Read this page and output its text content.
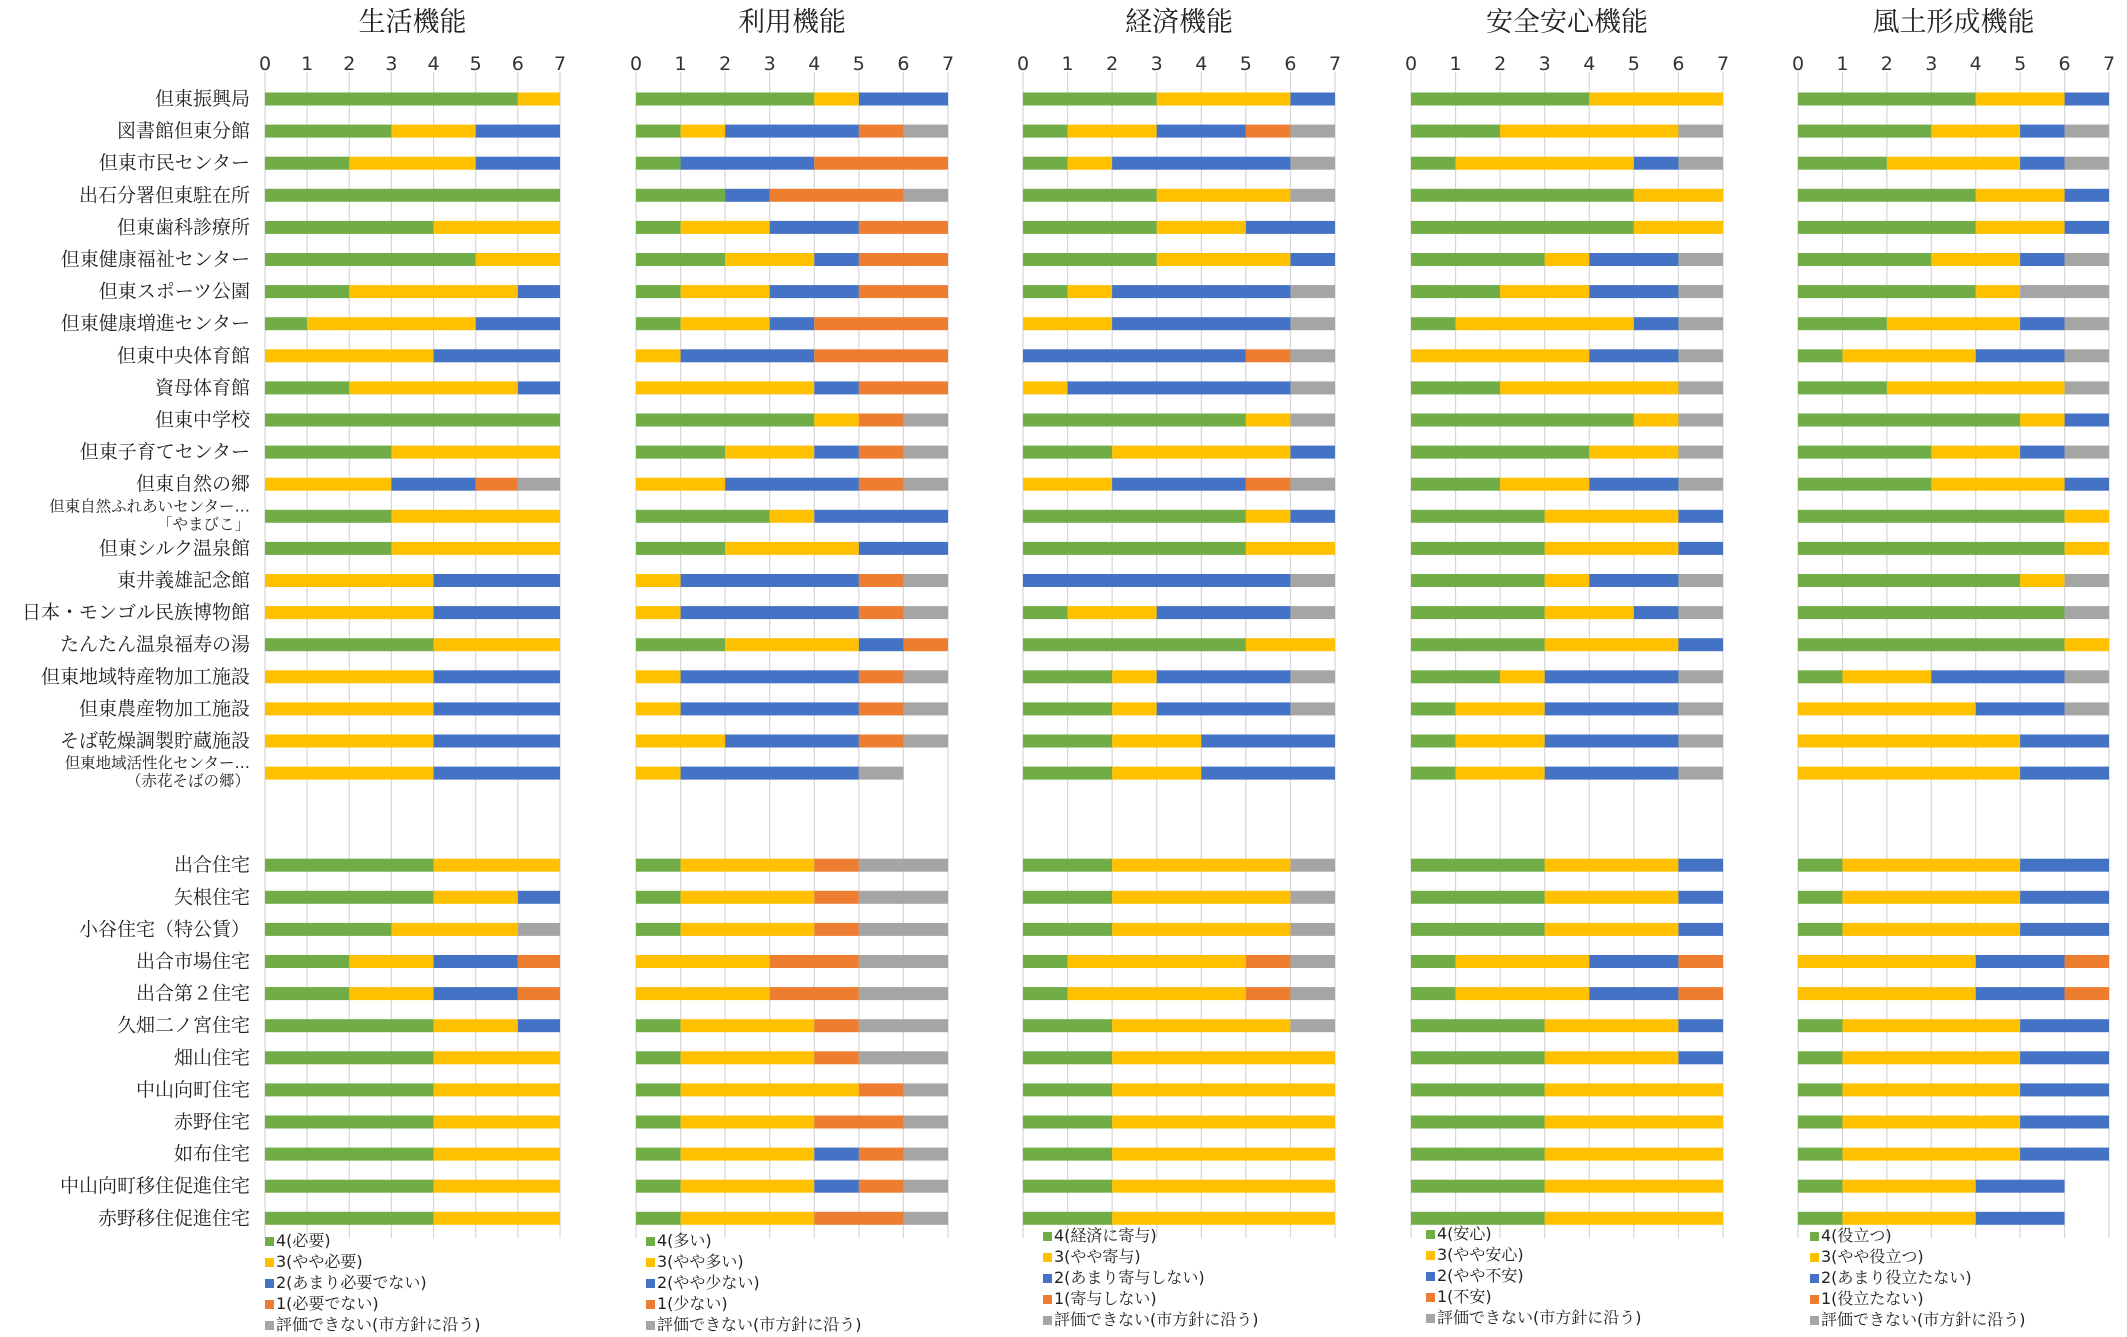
但東振興局
図書館但東分館
但東市民センター
出石分署但東駐在所
但東歯科診療所
但東健康福祉センター
但東スポーツ公園
但東健康増進センター
但東中央体育館
資母体育館
但東中学校
但東子育てセンター
但東自然の郷
但東自然ふれあいセンター…
「やまびこ」
但東シルク温泉館
東井義雄記念館
日本・モンゴル民族博物館
たんたん温泉福寿の湯
但東地域特産物加工施設
但東農産物加工施設
そば乾燥調製貯蔵施設
但東地域活性化センター…
（赤花そばの郷）
出合住宅
矢根住宅
小谷住宅（特公賃）
出合市場住宅
出合第２住宅
久畑二ノ宮住宅
畑山住宅
中山向町住宅
赤野住宅
如布住宅
中山向町移住促進住宅
赤野移住促進住宅
生活機能
0 1 2 3 4 5 6 7
4(必要)
3(やや必要)
2(あまり必要でない)
1(必要でない)
評価できない(市方針に沿う)
利用機能
0 1 2 3 4 5 6 7
4(多い)
3(やや多い)
2(やや少ない)
1(少ない)
評価できない(市方針に沿う)
経済機能
0 1 2 3 4 5 6 7
4(経済に寄与)
3(やや寄与)
2(あまり寄与しない)
1(寄与しない)
評価できない(市方針に沿う)
安全安心機能
0 1 2 3 4 5 6 7
4(安心)
3(やや安心)
2(やや不安)
1(不安)
評価できない(市方針に沿う)
風土形成機能
0 1 2 3 4 5 6 7
4(役立つ)
3(やや役立つ)
2(あまり役立たない)
1(役立たない)
評価できない(市方針に沿う)
